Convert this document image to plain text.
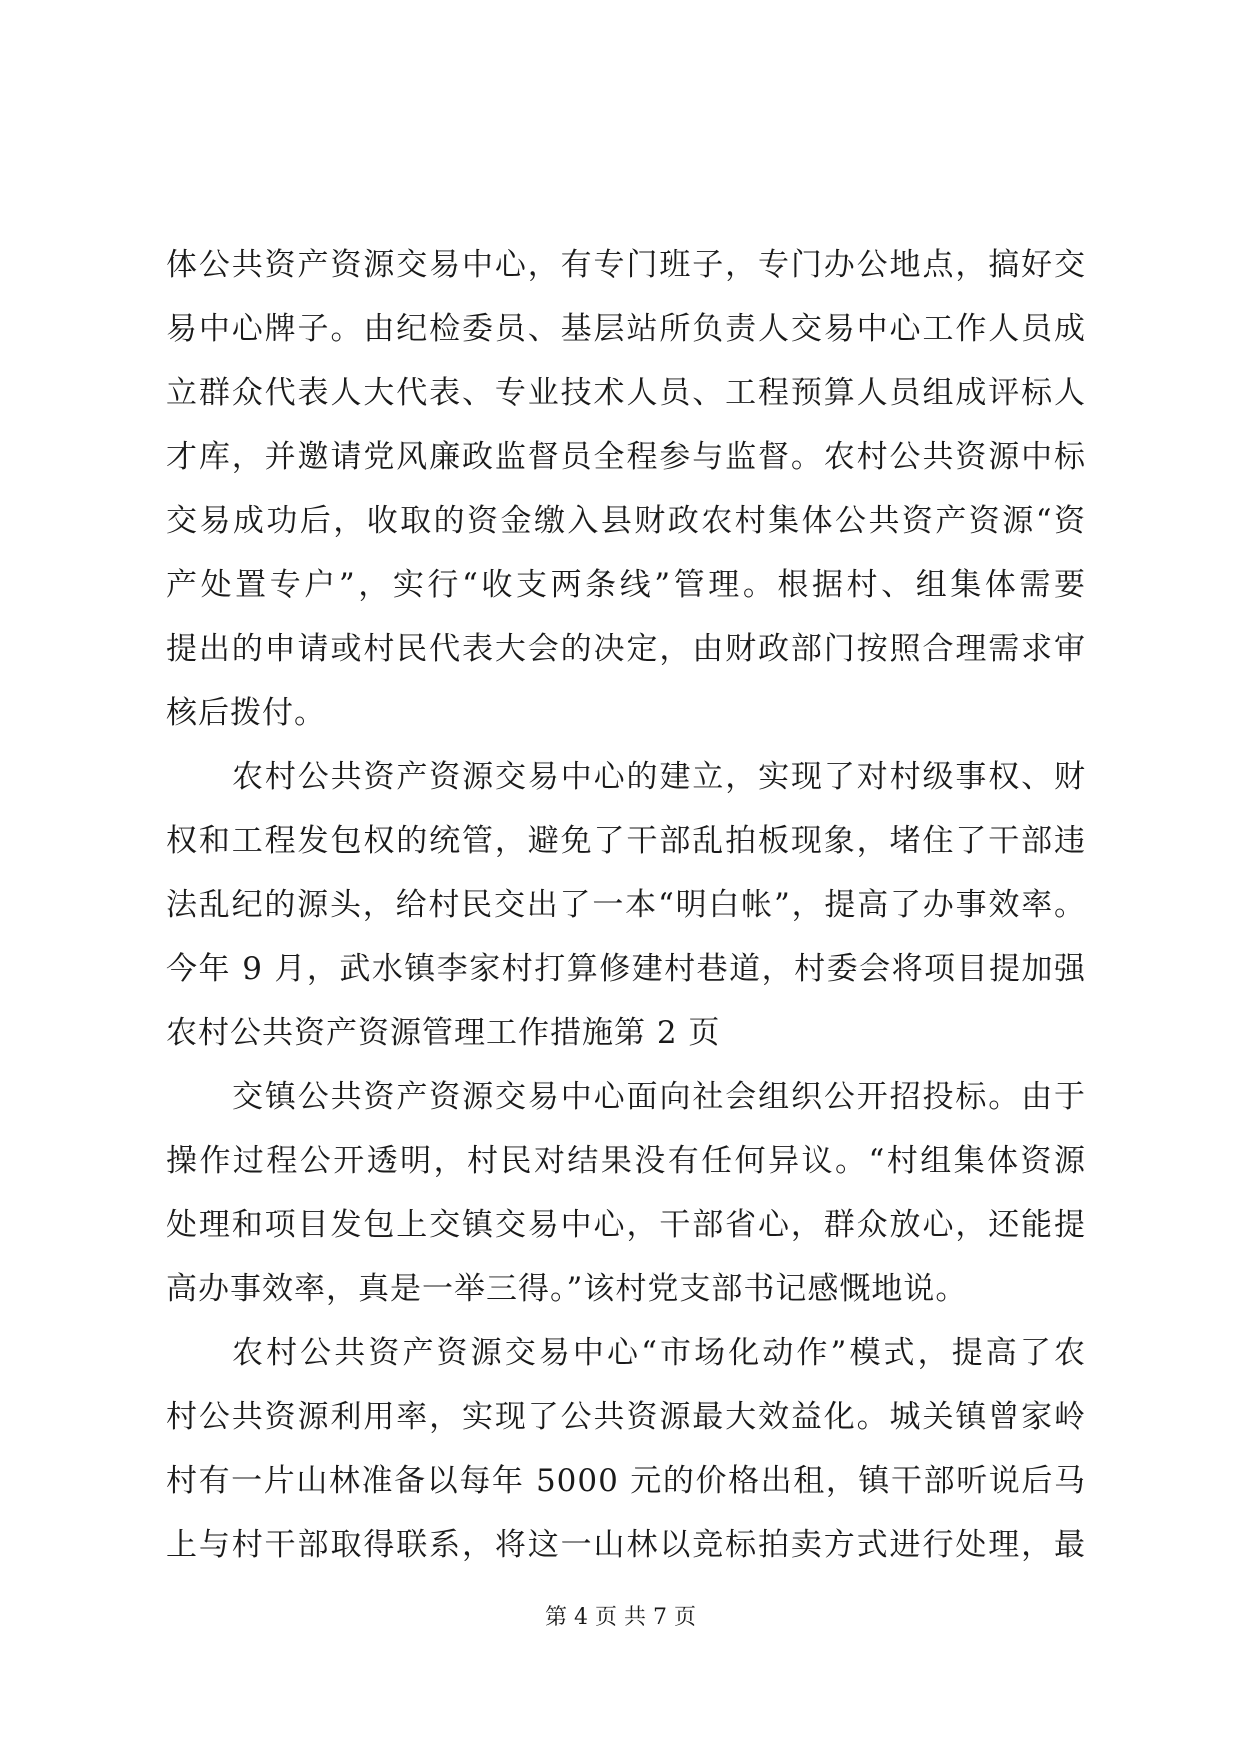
体公共资产资源交易中心，有专门班子，专门办公地点，搞好交
易中心牌子。由纪检委员、基层站所负责人交易中心工作人员成
立群众代表人大代表、专业技术人员、工程预算人员组成评标人
才库，并邀请党风廉政监督员全程参与监督。农村公共资源中标
交易成功后，收取的资金缴入县财政农村集体公共资产资源“资
产处置专户”，实行“收支两条线”管理。根据村、组集体需要
提出的申请或村民代表大会的决定，由财政部门按照合理需求审
核后拨付。
农村公共资产资源交易中心的建立，实现了对村级事权、财
权和工程发包权的统管，避免了干部乱拍板现象，堵住了干部违
法乱纪的源头，给村民交出了一本“明白帐”，提高了办事效率。
今年 9 月，武水镇李家村打算修建村巷道，村委会将项目提加强
农村公共资产资源管理工作措施第 2 页
交镇公共资产资源交易中心面向社会组织公开招投标。由于
操作过程公开透明，村民对结果没有任何异议。“村组集体资源
处理和项目发包上交镇交易中心，干部省心，群众放心，还能提
高办事效率，真是一举三得。”该村党支部书记感慨地说。
农村公共资产资源交易中心“市场化动作”模式，提高了农
村公共资源利用率，实现了公共资源最大效益化。城关镇曾家岭
村有一片山林准备以每年 5000 元的价格出租，镇干部听说后马
上与村干部取得联系，将这一山林以竞标拍卖方式进行处理，最
第 4 页 共 7 页
